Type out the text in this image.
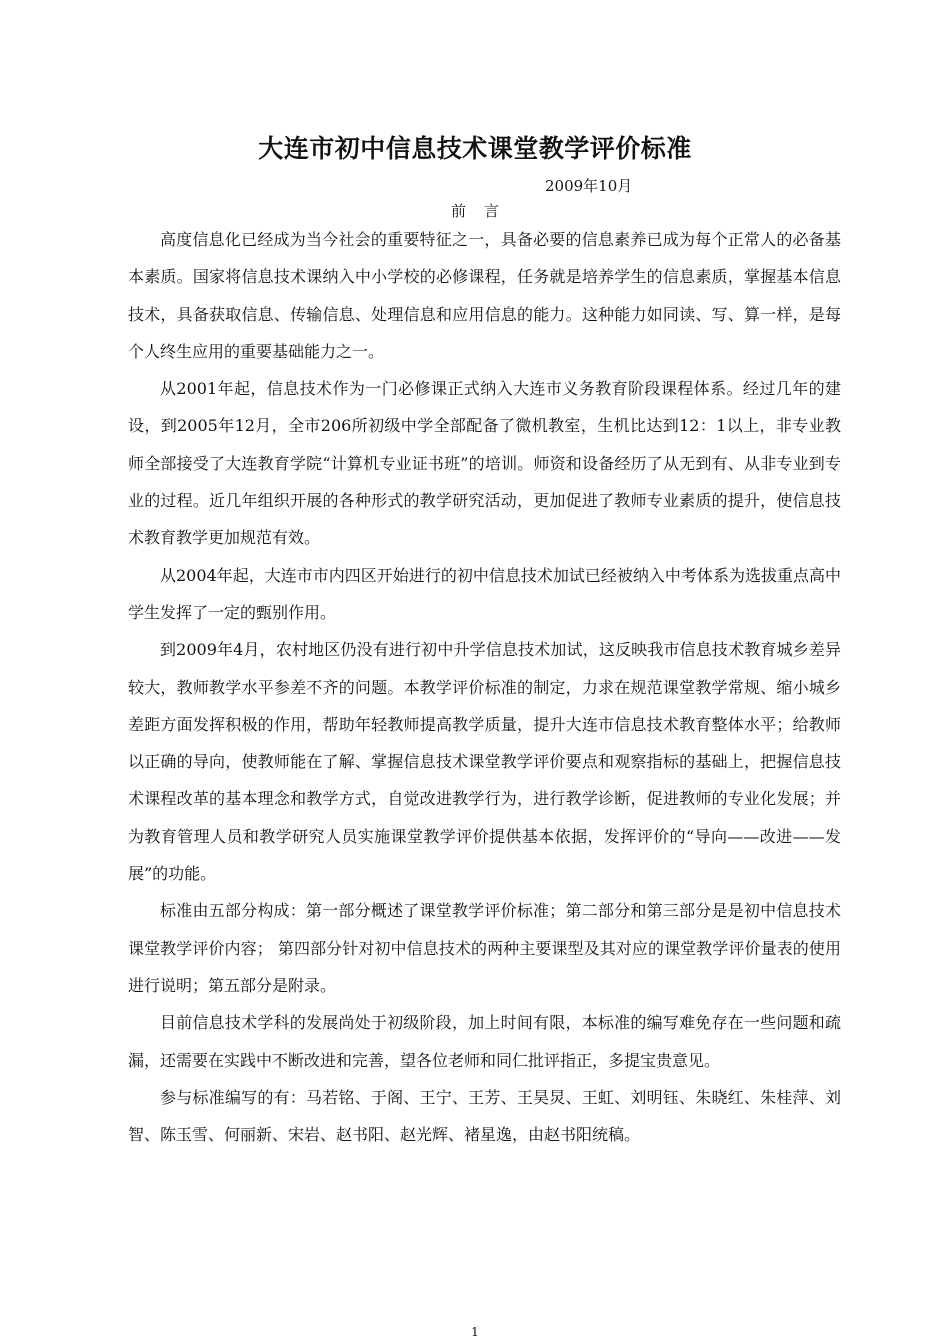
大连市初中信息技术课堂教学评价标准
2009年10月
前言

高度信息化已经成为当今社会的重要特征之一，具备必要的信息素养已成为每个正常人的必备基本素质。国家将信息技术课纳入中小学校的必修课程，任务就是培养学生的信息素质，掌握基本信息技术，具备获取信息、传输信息、处理信息和应用信息的能力。这种能力如同读、写、算一样，是每个人终生应用的重要基础能力之一。

从2001年起，信息技术作为一门必修课正式纳入大连市义务教育阶段课程体系。经过几年的建设，到2005年12月，全市206所初级中学全部配备了微机教室，生机比达到12：1以上，非专业教师全部接受了大连教育学院“计算机专业证书班”的培训。师资和设备经历了从无到有、从非专业到专业的过程。近几年组织开展的各种形式的教学研究活动，更加促进了教师专业素质的提升，使信息技术教育教学更加规范有效。

从2004年起，大连市市内四区开始进行的初中信息技术加试已经被纳入中考体系为选拔重点高中学生发挥了一定的甄别作用。

到2009年4月，农村地区仍没有进行初中升学信息技术加试，这反映我市信息技术教育城乡差异较大，教师教学水平参差不齐的问题。本教学评价标准的制定，力求在规范课堂教学常规、缩小城乡差距方面发挥积极的作用，帮助年轻教师提高教学质量，提升大连市信息技术教育整体水平；给教师以正确的导向，使教师能在了解、掌握信息技术课堂教学评价要点和观察指标的基础上，把握信息技术课程改革的基本理念和教学方式，自觉改进教学行为，进行教学诊断，促进教师的专业化发展；并为教育管理人员和教学研究人员实施课堂教学评价提供基本依据，发挥评价的“导向——改进——发展”的功能。

标准由五部分构成：第一部分概述了课堂教学评价标准；第二部分和第三部分是是初中信息技术课堂教学评价内容； 第四部分针对初中信息技术的两种主要课型及其对应的课堂教学评价量表的使用进行说明；第五部分是附录。

目前信息技术学科的发展尚处于初级阶段，加上时间有限，本标准的编写难免存在一些问题和疏漏，还需要在实践中不断改进和完善，望各位老师和同仁批评指正，多提宝贵意见。

参与标准编写的有：马若铭、于阁、王宁、王芳、王昊炅、王虹、刘明钰、朱晓红、朱桂萍、刘智、陈玉雪、何丽新、宋岩、赵书阳、赵光辉、褚星逸，由赵书阳统稿。

1
